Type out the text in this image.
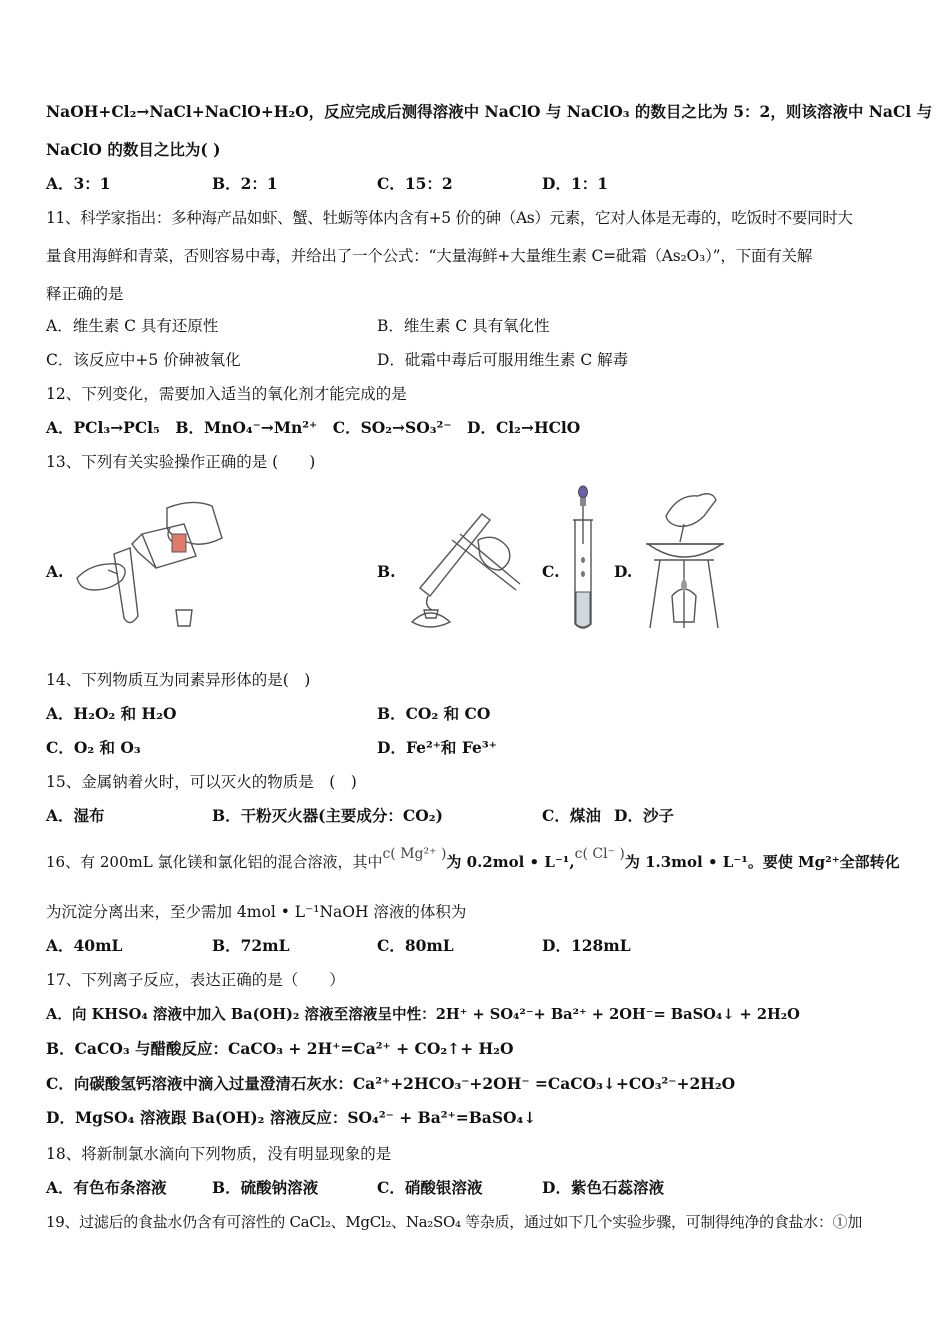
NaOH+Cl₂→NaCl+NaClO+H₂O，反应完成后测得溶液中 NaClO 与 NaClO₃ 的数目之比为 5：2，则该溶液中 NaCl 与
NaClO 的数目之比为( )
A．3：1	B．2：1	C．15：2	D．1：1
11、科学家指出：多种海产品如虾、蟹、牡蛎等体内含有+5 价的砷（As）元素，它对人体是无毒的，吃饭时不要同时大
量食用海鲜和青菜，否则容易中毒，并给出了一个公式：“大量海鲜+大量维生素 C=砒霜（As₂O₃）”，下面有关解
释正确的是
A．维生素 C 具有还原性	B．维生素 C 具有氧化性
C．该反应中+5 价砷被氧化	D．砒霜中毒后可服用维生素 C 解毒
12、下列变化，需要加入适当的氧化剂才能完成的是
A．PCl₃→PCl₅　B．MnO₄⁻→Mn²⁺　C．SO₂→SO₃²⁻　D．Cl₂→HClO
13、下列有关实验操作正确的是 (　　)
A.	B.	C.	D.
14、下列物质互为同素异形体的是(　)
A．H₂O₂ 和 H₂O	B．CO₂ 和 CO
C．O₂ 和 O₃	D．Fe²⁺和 Fe³⁺
15、金属钠着火时，可以灭火的物质是　(　)
A．湿布	B．干粉灭火器(主要成分：CO₂)	C．煤油 D．沙子
16、有 200mL 氯化镁和氯化铝的混合溶液，其中c( Mg²⁺ )为 0.2mol • L⁻¹,c( Cl⁻ )为 1.3mol • L⁻¹。要使 Mg²⁺全部转化
为沉淀分离出来，至少需加 4mol • L⁻¹NaOH 溶液的体积为
A．40mL	B．72mL	C．80mL	D．128mL
17、下列离子反应，表达正确的是（　　）
A．向 KHSO₄ 溶液中加入 Ba(OH)₂ 溶液至溶液呈中性：2H⁺ + SO₄²⁻+ Ba²⁺ + 2OH⁻= BaSO₄↓ + 2H₂O
B．CaCO₃ 与醋酸反应：CaCO₃ + 2H⁺=Ca²⁺ + CO₂↑+ H₂O
C．向碳酸氢钙溶液中滴入过量澄清石灰水：Ca²⁺+2HCO₃⁻+2OH⁻ =CaCO₃↓+CO₃²⁻+2H₂O
D．MgSO₄ 溶液跟 Ba(OH)₂ 溶液反应：SO₄²⁻ + Ba²⁺=BaSO₄↓
18、将新制氯水滴向下列物质，没有明显现象的是
A．有色布条溶液	B．硫酸钠溶液	C．硝酸银溶液	D．紫色石蕊溶液
19、过滤后的食盐水仍含有可溶性的 CaCl₂、MgCl₂、Na₂SO₄ 等杂质，通过如下几个实验步骤，可制得纯净的食盐水：①加
